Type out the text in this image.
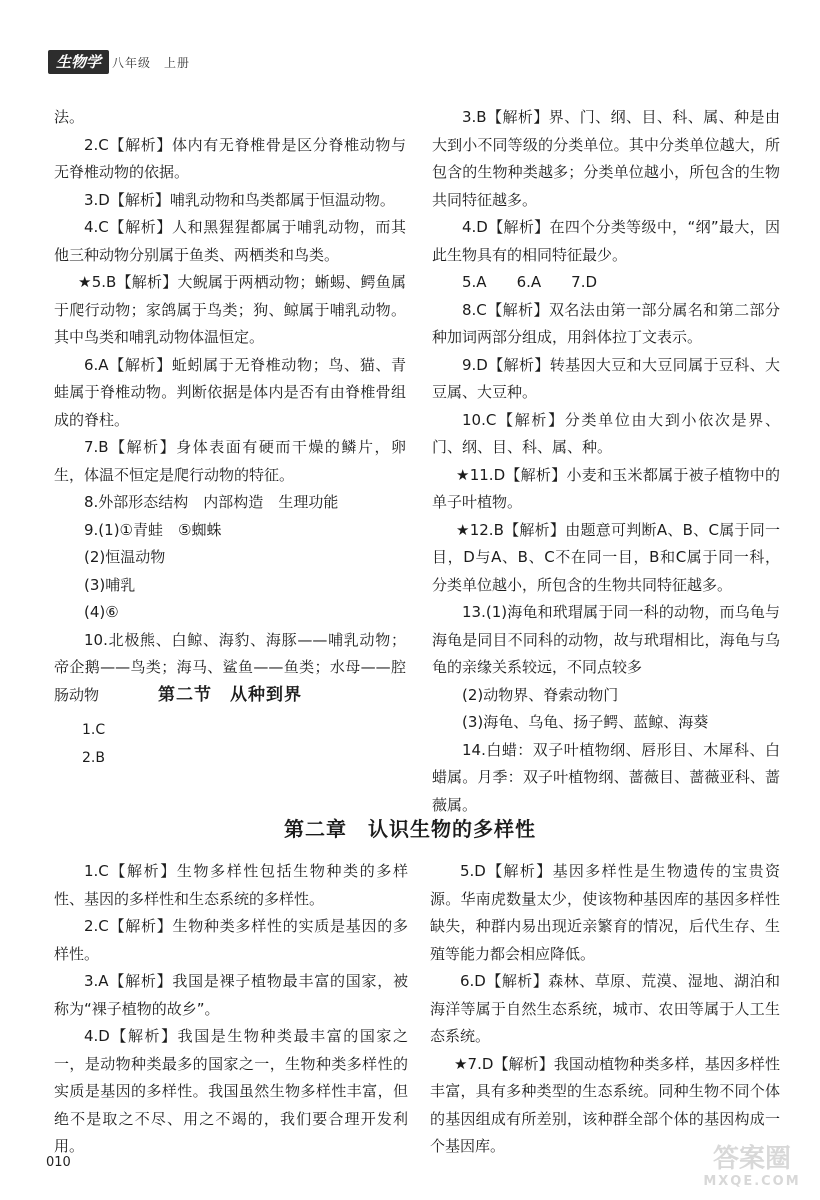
生物学 八年级　上册

法。

2.C【解析】体内有无脊椎骨是区分脊椎动物与无脊椎动物的依据。

3.D【解析】哺乳动物和鸟类都属于恒温动物。

4.C【解析】人和黑猩猩都属于哺乳动物，而其他三种动物分别属于鱼类、两栖类和鸟类。

★5.B【解析】大鲵属于两栖动物；蜥蜴、鳄鱼属于爬行动物；家鸽属于鸟类；狗、鲸属于哺乳动物。其中鸟类和哺乳动物体温恒定。

6.A【解析】蚯蚓属于无脊椎动物；鸟、猫、青蛙属于脊椎动物。判断依据是体内是否有由脊椎骨组成的脊柱。

7.B【解析】身体表面有硬而干燥的鳞片，卵生，体温不恒定是爬行动物的特征。

8.外部形态结构　内部构造　生理功能

9.(1)①青蛙　⑤蜘蛛

(2)恒温动物

(3)哺乳

(4)⑥

10.北极熊、白鲸、海豹、海豚——哺乳动物；帝企鹅——鸟类；海马、鲨鱼——鱼类；水母——腔肠动物	第二节　从种到界
1.C
2.B

3.B【解析】界、门、纲、目、科、属、种是由大到小不同等级的分类单位。其中分类单位越大，所包含的生物种类越多；分类单位越小，所包含的生物共同特征越多。

4.D【解析】在四个分类等级中，“纲”最大，因此生物具有的相同特征最少。

5.A　　6.A　　7.D

8.C【解析】双名法由第一部分属名和第二部分种加词两部分组成，用斜体拉丁文表示。

9.D【解析】转基因大豆和大豆同属于豆科、大豆属、大豆种。

10.C【解析】分类单位由大到小依次是界、门、纲、目、科、属、种。

★11.D【解析】小麦和玉米都属于被子植物中的单子叶植物。

★12.B【解析】由题意可判断A、B、C属于同一目，D与A、B、C不在同一目，B和C属于同一科，分类单位越小，所包含的生物共同特征越多。

13.(1)海龟和玳瑁属于同一科的动物，而乌龟与海龟是同目不同科的动物，故与玳瑁相比，海龟与乌龟的亲缘关系较远，不同点较多

(2)动物界、脊索动物门

(3)海龟、乌龟、扬子鳄、蓝鲸、海葵

14.白蜡：双子叶植物纲、唇形目、木犀科、白蜡属。月季：双子叶植物纲、蔷薇目、蔷薇亚科、蔷薇属。

第二章　认识生物的多样性

1.C【解析】生物多样性包括生物种类的多样性、基因的多样性和生态系统的多样性。

2.C【解析】生物种类多样性的实质是基因的多样性。

3.A【解析】我国是裸子植物最丰富的国家，被称为“裸子植物的故乡”。

4.D【解析】我国是生物种类最丰富的国家之一，是动物种类最多的国家之一，生物种类多样性的实质是基因的多样性。我国虽然生物多样性丰富，但绝不是取之不尽、用之不竭的，我们要合理开发利用。

5.D【解析】基因多样性是生物遗传的宝贵资源。华南虎数量太少，使该物种基因库的基因多样性缺失，种群内易出现近亲繁育的情况，后代生存、生殖等能力都会相应降低。

6.D【解析】森林、草原、荒漠、湿地、湖泊和海洋等属于自然生态系统，城市、农田等属于人工生态系统。

★7.D【解析】我国动植物种类多样，基因多样性丰富，具有多种类型的生态系统。同种生物不同个体的基因组成有所差别，该种群全部个体的基因构成一个基因库。

010	答案圈
MXQE.COM
